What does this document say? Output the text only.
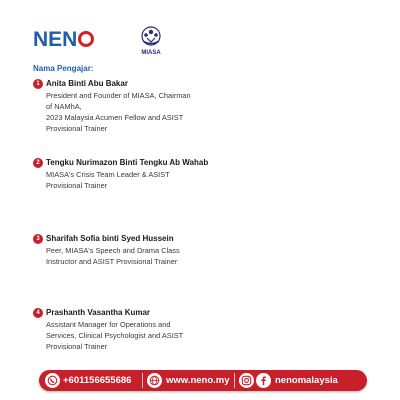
NEN
MIASA
Nama Pengajar:
1 Anita Binti Abu Bakar
President and Founder of MIASA, Chairman
of NAMhA,
2023 Malaysia Acumen Fellow and ASIST
Provisional Trainer
2 Tengku Nurimazon Binti Tengku Ab Wahab
MIASA's Crisis Team Leader & ASIST
Provisional Trainer
3 Sharifah Sofia binti Syed Hussein
Peer, MIASA's Speech and Drama Class
Instructor and ASIST Provisional Trainer
4 Prashanth Vasantha Kumar
Assistant Manager for Operations and
Services, Clinical Psychologist and ASIST
Provisional Trainer
+601156655686	www.neno.my	nenomalaysia
